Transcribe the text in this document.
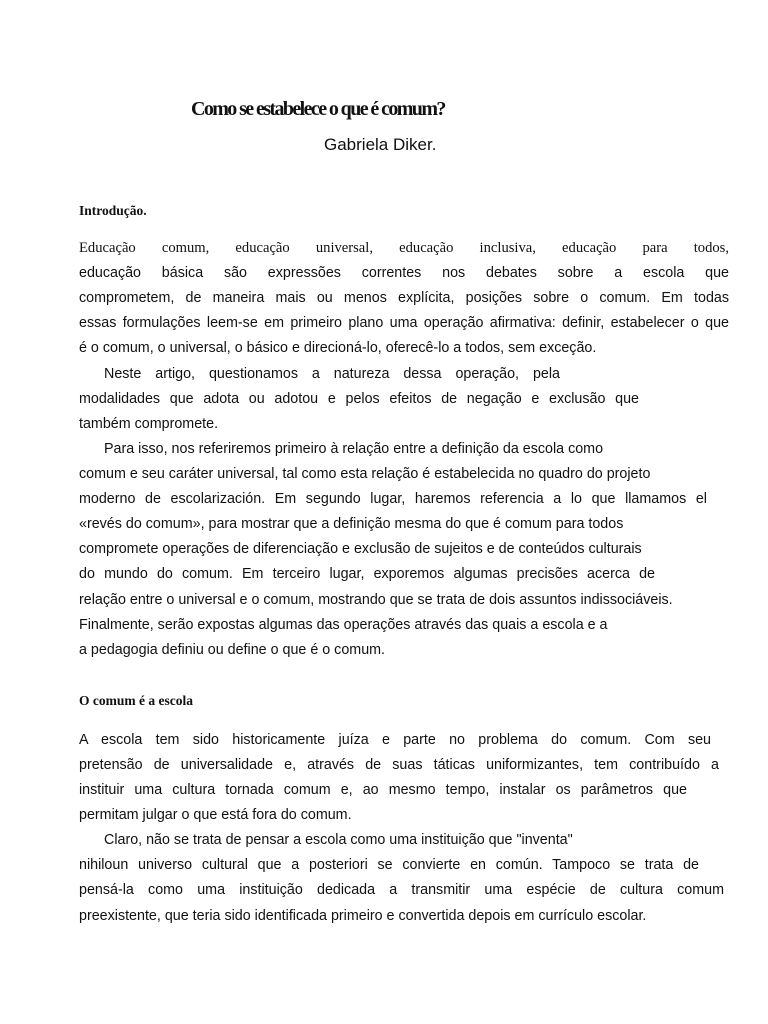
Como se estabelece o que é comum?
Gabriela Diker.
Introdução.
Educação comum, educação universal, educação inclusiva, educação para todos,
educação básica são expressões correntes nos debates sobre a escola que
comprometem, de maneira mais ou menos explícita, posições sobre o comum. Em todas
essas formulações leem-se em primeiro plano uma operação afirmativa: definir, estabelecer o que
é o comum, o universal, o básico e direcioná-lo, oferecê-lo a todos, sem exceção.
Neste artigo, questionamos a natureza dessa operação, pela
modalidades que adota ou adotou e pelos efeitos de negação e exclusão que
também compromete.
Para isso, nos referiremos primeiro à relação entre a definição da escola como
comum e seu caráter universal, tal como esta relação é estabelecida no quadro do projeto
moderno de escolarización. Em segundo lugar, haremos referencia a lo que llamamos el
«revés do comum», para mostrar que a definição mesma do que é comum para todos
compromete operações de diferenciação e exclusão de sujeitos e de conteúdos culturais
do mundo do comum. Em terceiro lugar, exporemos algumas precisões acerca de
relação entre o universal e o comum, mostrando que se trata de dois assuntos indissociáveis.
Finalmente, serão expostas algumas das operações através das quais a escola e a
a pedagogia definiu ou define o que é o comum.
O comum é a escola
A escola tem sido historicamente juíza e parte no problema do comum. Com seu
pretensão de universalidade e, através de suas táticas uniformizantes, tem contribuído a
instituir uma cultura tornada comum e, ao mesmo tempo, instalar os parâmetros que
permitam julgar o que está fora do comum.
Claro, não se trata de pensar a escola como uma instituição que "inventa"
nihiloun universo cultural que a posteriori se convierte en común. Tampoco se trata de
pensá-la como uma instituição dedicada a transmitir uma espécie de cultura comum
preexistente, que teria sido identificada primeiro e convertida depois em currículo escolar.
